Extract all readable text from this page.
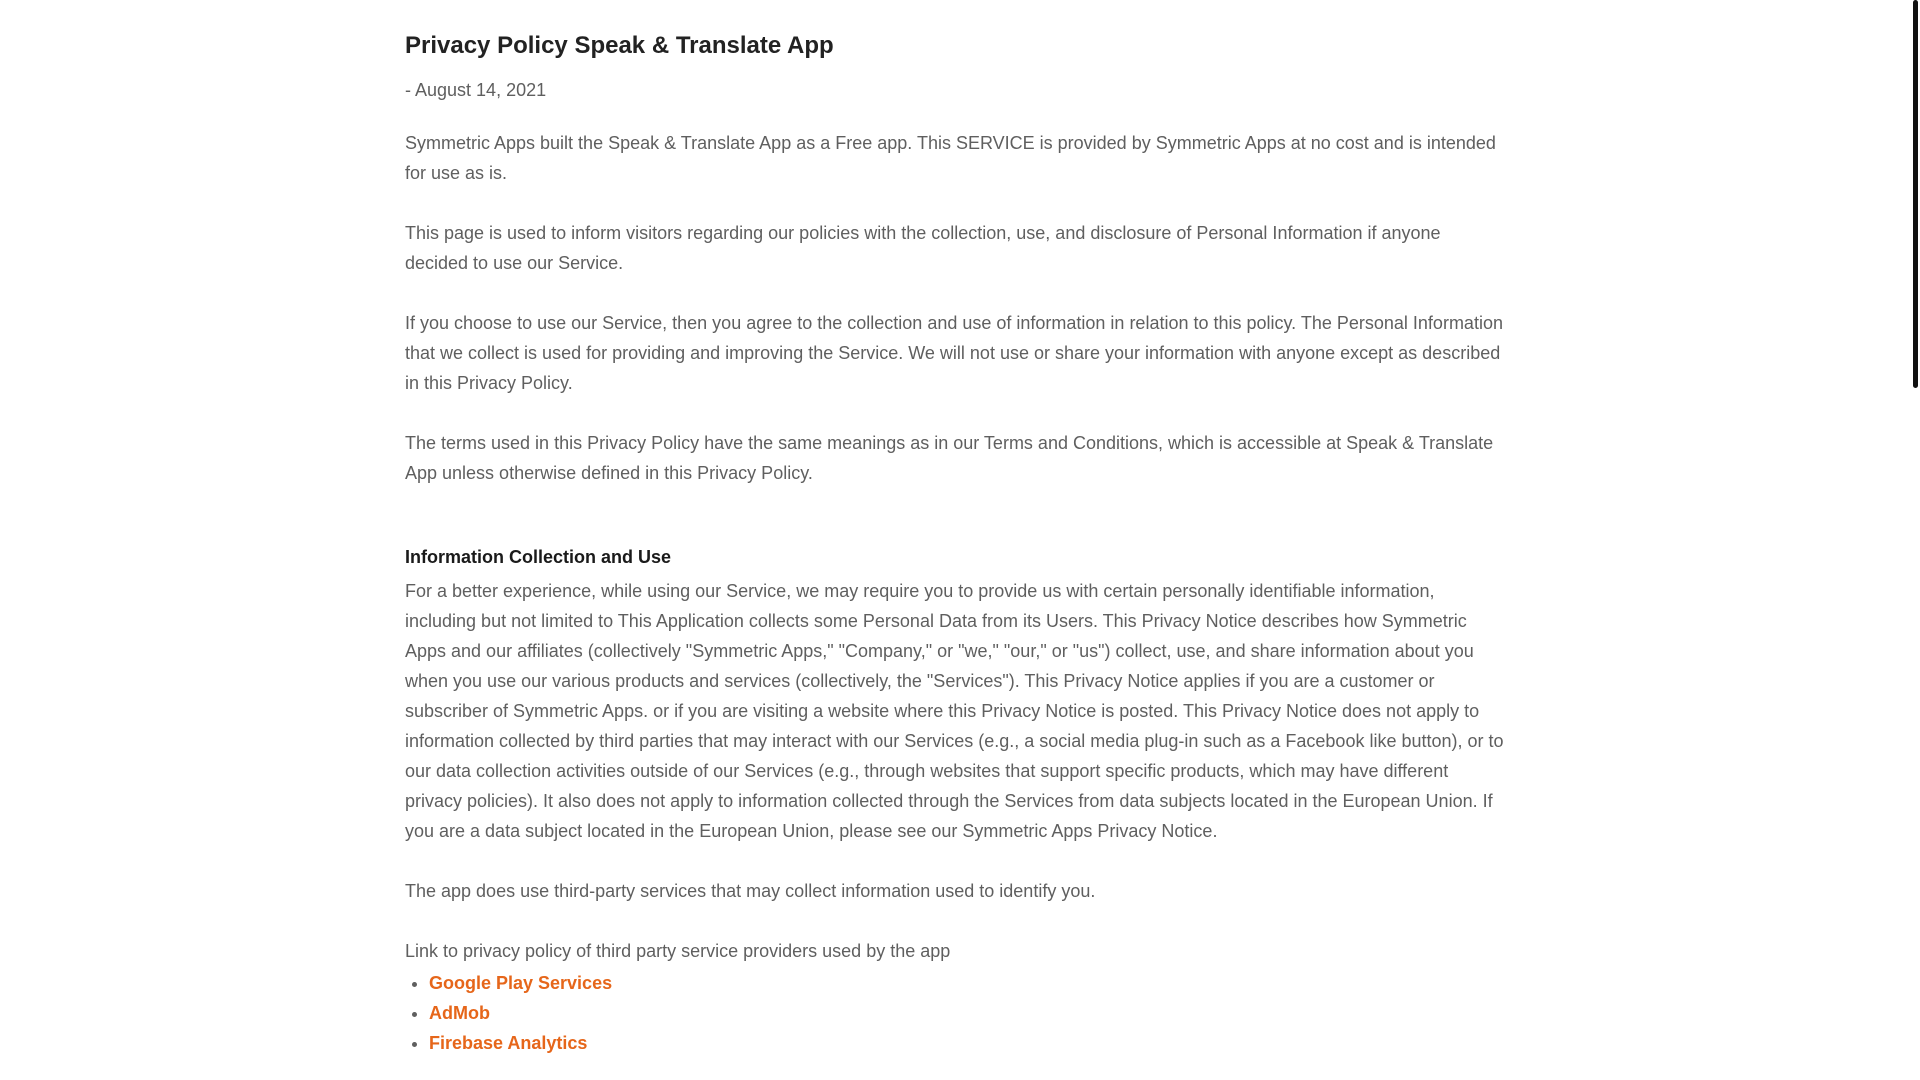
Privacy Policy Speak & Translate App
- August 14, 2021

Symmetric Apps built the Speak & Translate App as a Free app. This SERVICE is provided by Symmetric Apps at no cost and is intended for use as is.

This page is used to inform visitors regarding our policies with the collection, use, and disclosure of Personal Information if anyone decided to use our Service.

If you choose to use our Service, then you agree to the collection and use of information in relation to this policy. The Personal Information that we collect is used for providing and improving the Service. We will not use or share your information with anyone except as described in this Privacy Policy.

The terms used in this Privacy Policy have the same meanings as in our Terms and Conditions, which is accessible at Speak & Translate App unless otherwise defined in this Privacy Policy.

Information Collection and Use

For a better experience, while using our Service, we may require you to provide us with certain personally identifiable information, including but not limited to This Application collects some Personal Data from its Users. This Privacy Notice describes how Symmetric Apps and our affiliates (collectively "Symmetric Apps," "Company," or "we," "our," or "us") collect, use, and share information about you when you use our various products and services (collectively, the "Services"). This Privacy Notice applies if you are a customer or subscriber of Symmetric Apps. or if you are visiting a website where this Privacy Notice is posted. This Privacy Notice does not apply to information collected by third parties that may interact with our Services (e.g., a social media plug-in such as a Facebook like button), or to our data collection activities outside of our Services (e.g., through websites that support specific products, which may have different privacy policies). It also does not apply to information collected through the Services from data subjects located in the European Union. If you are a data subject located in the European Union, please see our Symmetric Apps Privacy Notice.

The app does use third-party services that may collect information used to identify you.

Link to privacy policy of third party service providers used by the app

• Google Play Services
• AdMob
• Firebase Analytics
